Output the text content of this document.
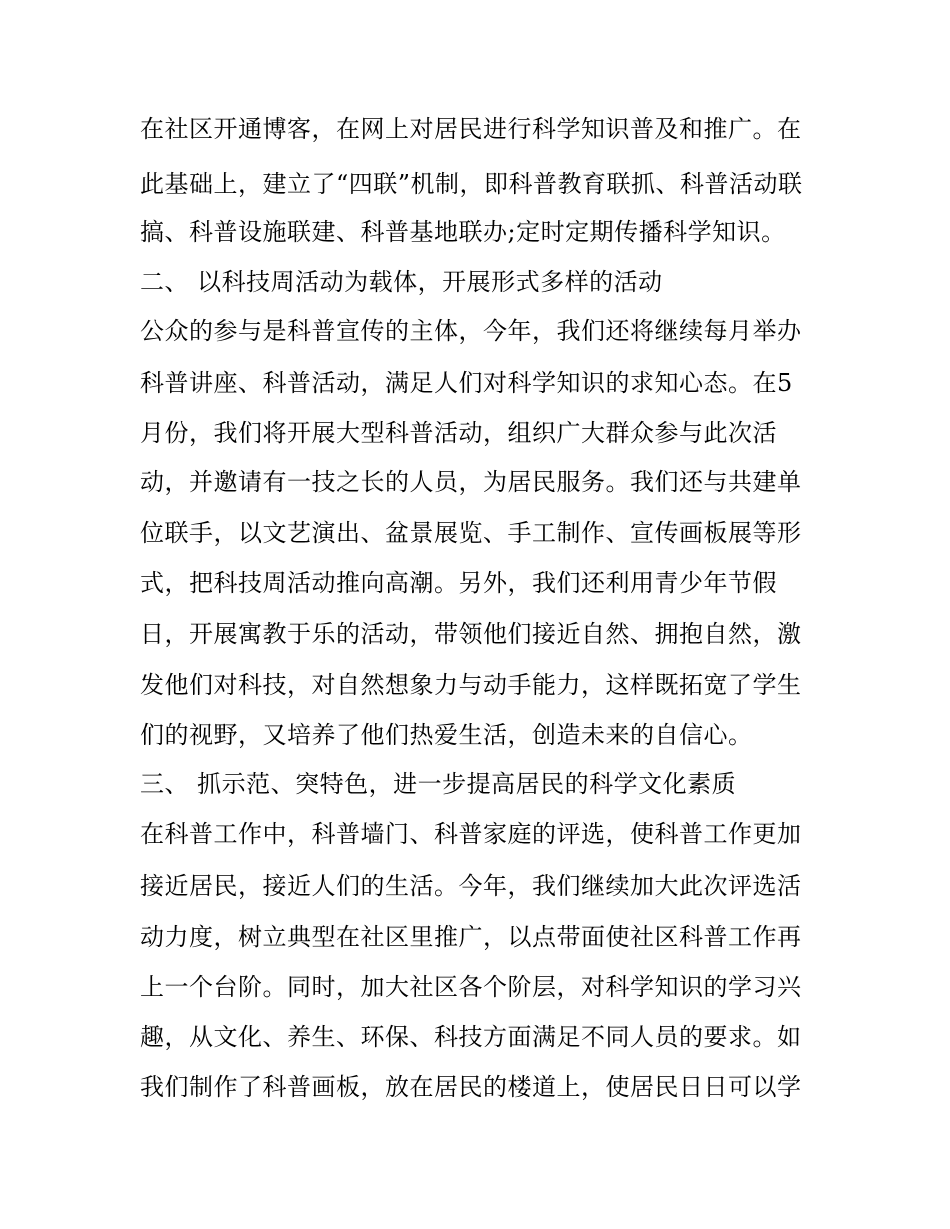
在社区开通博客，在网上对居民进行科学知识普及和推广。在
此基础上，建立了“四联”机制，即科普教育联抓、科普活动联
搞、科普设施联建、科普基地联办;定时定期传播科学知识。
二、 以科技周活动为载体，开展形式多样的活动
公众的参与是科普宣传的主体，今年，我们还将继续每月举办
科普讲座、科普活动，满足人们对科学知识的求知心态。在5
月份，我们将开展大型科普活动，组织广大群众参与此次活
动，并邀请有一技之长的人员，为居民服务。我们还与共建单
位联手，以文艺演出、盆景展览、手工制作、宣传画板展等形
式，把科技周活动推向高潮。另外，我们还利用青少年节假
日，开展寓教于乐的活动，带领他们接近自然、拥抱自然，激
发他们对科技，对自然想象力与动手能力，这样既拓宽了学生
们的视野，又培养了他们热爱生活，创造未来的自信心。
三、 抓示范、突特色，进一步提高居民的科学文化素质
在科普工作中，科普墙门、科普家庭的评选，使科普工作更加
接近居民，接近人们的生活。今年，我们继续加大此次评选活
动力度，树立典型在社区里推广，以点带面使社区科普工作再
上一个台阶。同时，加大社区各个阶层，对科学知识的学习兴
趣，从文化、养生、环保、科技方面满足不同人员的要求。如
我们制作了科普画板，放在居民的楼道上，使居民日日可以学
